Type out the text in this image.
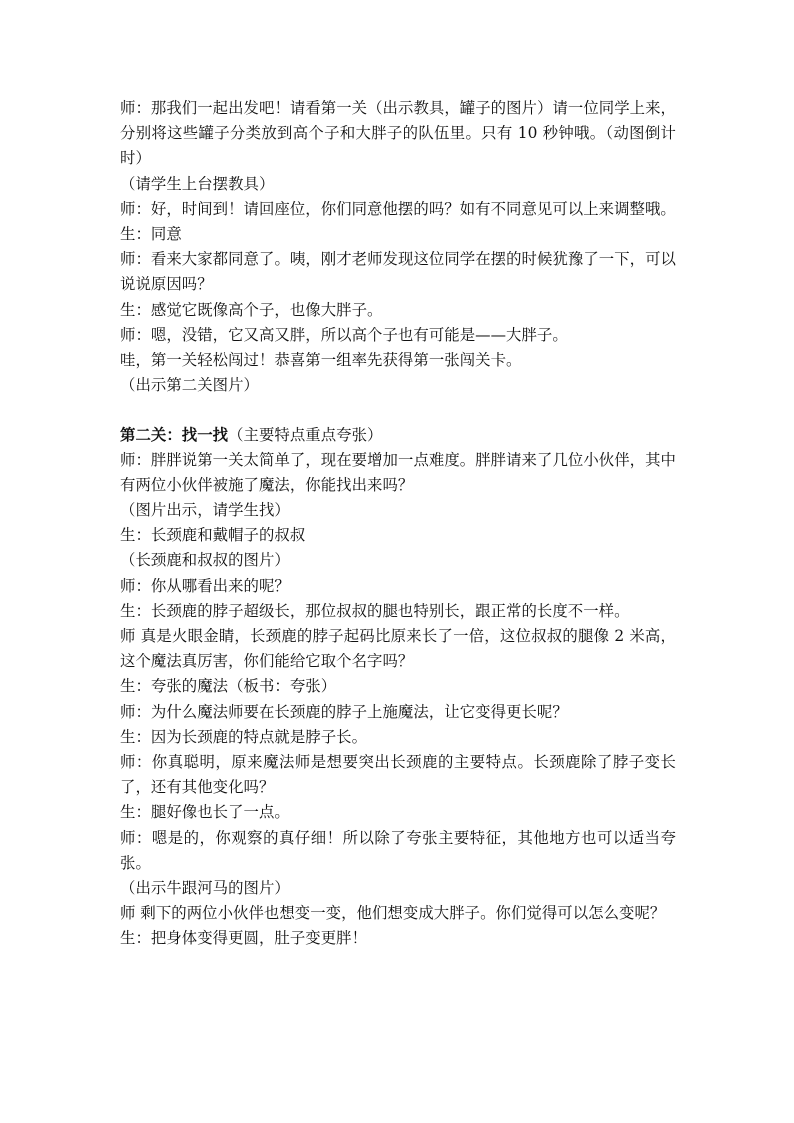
师：那我们一起出发吧！请看第一关（出示教具，罐子的图片）请一位同学上来，分别将这些罐子分类放到高个子和大胖子的队伍里。只有 10 秒钟哦。（动图倒计时）
（请学生上台摆教具）
师：好，时间到！请回座位，你们同意他摆的吗？如有不同意见可以上来调整哦。
生：同意
师：看来大家都同意了。咦，刚才老师发现这位同学在摆的时候犹豫了一下，可以说说原因吗？
生：感觉它既像高个子，也像大胖子。
师：嗯，没错，它又高又胖，所以高个子也有可能是——大胖子。
哇，第一关轻松闯过！恭喜第一组率先获得第一张闯关卡。
（出示第二关图片）
第二关：找一找（主要特点重点夸张）
师：胖胖说第一关太简单了，现在要增加一点难度。胖胖请来了几位小伙伴，其中有两位小伙伴被施了魔法，你能找出来吗？
（图片出示，请学生找）
生：长颈鹿和戴帽子的叔叔
（长颈鹿和叔叔的图片）
师：你从哪看出来的呢？
生：长颈鹿的脖子超级长，那位叔叔的腿也特别长，跟正常的长度不一样。
师 真是火眼金睛，长颈鹿的脖子起码比原来长了一倍，这位叔叔的腿像 2 米高，这个魔法真厉害，你们能给它取个名字吗？
生：夸张的魔法（板书：夸张）
师：为什么魔法师要在长颈鹿的脖子上施魔法，让它变得更长呢？
生：因为长颈鹿的特点就是脖子长。
师：你真聪明，原来魔法师是想要突出长颈鹿的主要特点。长颈鹿除了脖子变长了，还有其他变化吗？
生：腿好像也长了一点。
师：嗯是的，你观察的真仔细！所以除了夸张主要特征，其他地方也可以适当夸张。
（出示牛跟河马的图片）
师 剩下的两位小伙伴也想变一变，他们想变成大胖子。你们觉得可以怎么变呢？
生：把身体变得更圆，肚子变更胖！
